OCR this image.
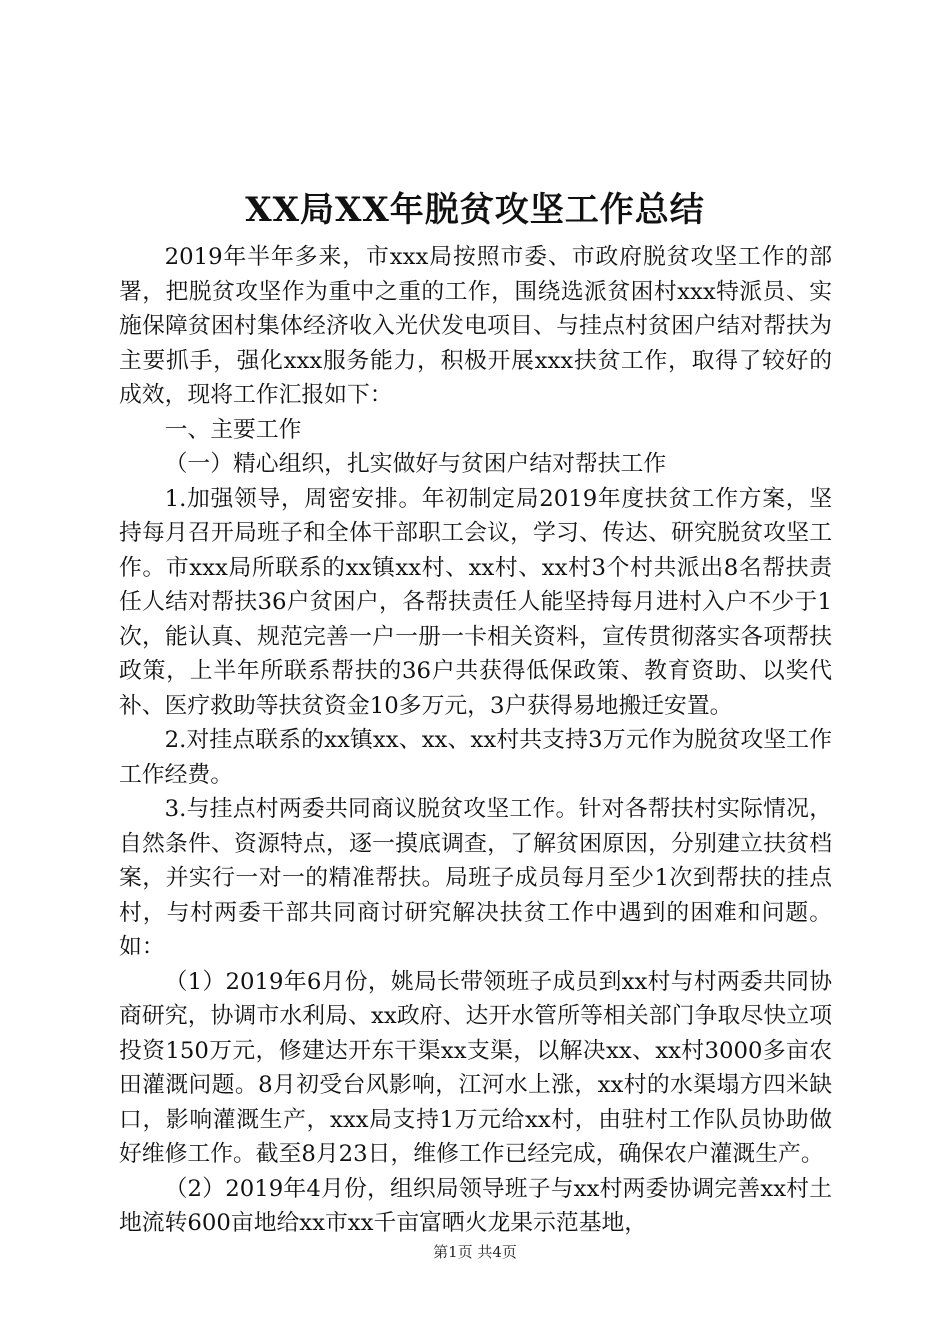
XX局XX年脱贫攻坚工作总结

2019年半年多来，市xxx局按照市委、市政府脱贫攻坚工作的部署，把脱贫攻坚作为重中之重的工作，围绕选派贫困村xxx特派员、实施保障贫困村集体经济收入光伏发电项目、与挂点村贫困户结对帮扶为主要抓手，强化xxx服务能力，积极开展xxx扶贫工作，取得了较好的成效，现将工作汇报如下：

一、主要工作

（一）精心组织，扎实做好与贫困户结对帮扶工作

1.加强领导，周密安排。年初制定局2019年度扶贫工作方案，坚持每月召开局班子和全体干部职工会议，学习、传达、研究脱贫攻坚工作。市xxx局所联系的xx镇xx村、xx村、xx村3个村共派出8名帮扶责任人结对帮扶36户贫困户，各帮扶责任人能坚持每月进村入户不少于1次，能认真、规范完善一户一册一卡相关资料，宣传贯彻落实各项帮扶政策，上半年所联系帮扶的36户共获得低保政策、教育资助、以奖代补、医疗救助等扶贫资金10多万元，3户获得易地搬迁安置。

2.对挂点联系的xx镇xx、xx、xx村共支持3万元作为脱贫攻坚工作工作经费。

3.与挂点村两委共同商议脱贫攻坚工作。针对各帮扶村实际情况，自然条件、资源特点，逐一摸底调查，了解贫困原因，分别建立扶贫档案，并实行一对一的精准帮扶。局班子成员每月至少1次到帮扶的挂点村，与村两委干部共同商讨研究解决扶贫工作中遇到的困难和问题。如：

（1）2019年6月份，姚局长带领班子成员到xx村与村两委共同协商研究，协调市水利局、xx政府、达开水管所等相关部门争取尽快立项投资150万元，修建达开东干渠xx支渠，以解决xx、xx村3000多亩农田灌溉问题。8月初受台风影响，江河水上涨，xx村的水渠塌方四米缺口，影响灌溉生产，xxx局支持1万元给xx村，由驻村工作队员协助做好维修工作。截至8月23日，维修工作已经完成，确保农户灌溉生产。

（2）2019年4月份，组织局领导班子与xx村两委协调完善xx村土地流转600亩地给xx市xx千亩富晒火龙果示范基地，

第1页 共4页
